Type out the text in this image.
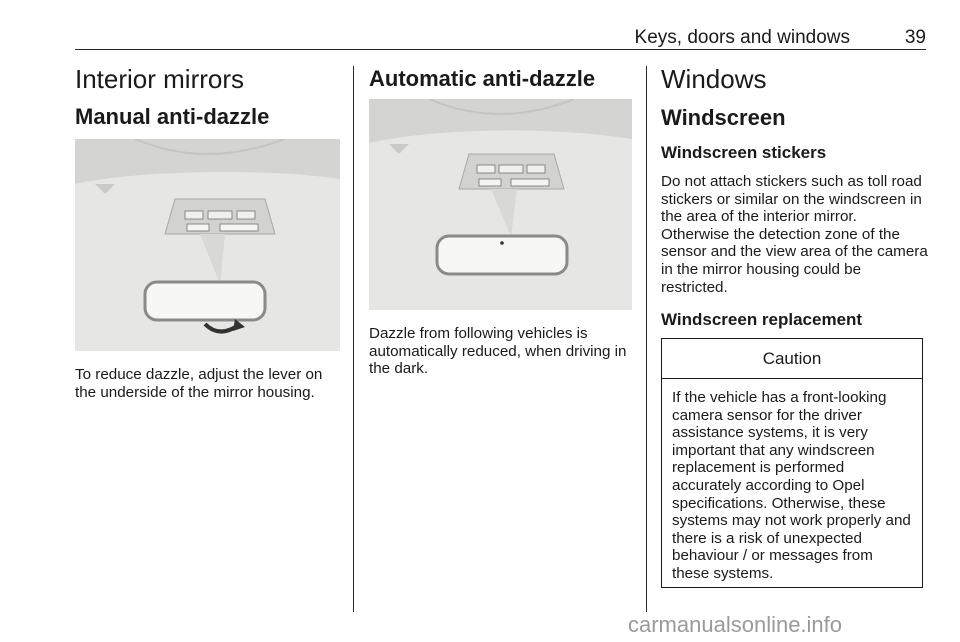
Keys, doors and windows	39
Interior mirrors
Manual anti-dazzle

To reduce dazzle, adjust the lever on the underside of the mirror housing.

Automatic anti-dazzle

Dazzle from following vehicles is automatically reduced, when driving in the dark.

Windows
Windscreen
Windscreen stickers

Do not attach stickers such as toll road stickers or similar on the windscreen in the area of the interior mirror. Otherwise the detection zone of the sensor and the view area of the camera in the mirror housing could be restricted.

Windscreen replacement
Caution

If the vehicle has a front-looking camera sensor for the driver assistance systems, it is very important that any windscreen replacement is performed accurately according to Opel specifications. Otherwise, these systems may not work properly and there is a risk of unexpected behaviour / or messages from these systems.

carmanualsonline.info
